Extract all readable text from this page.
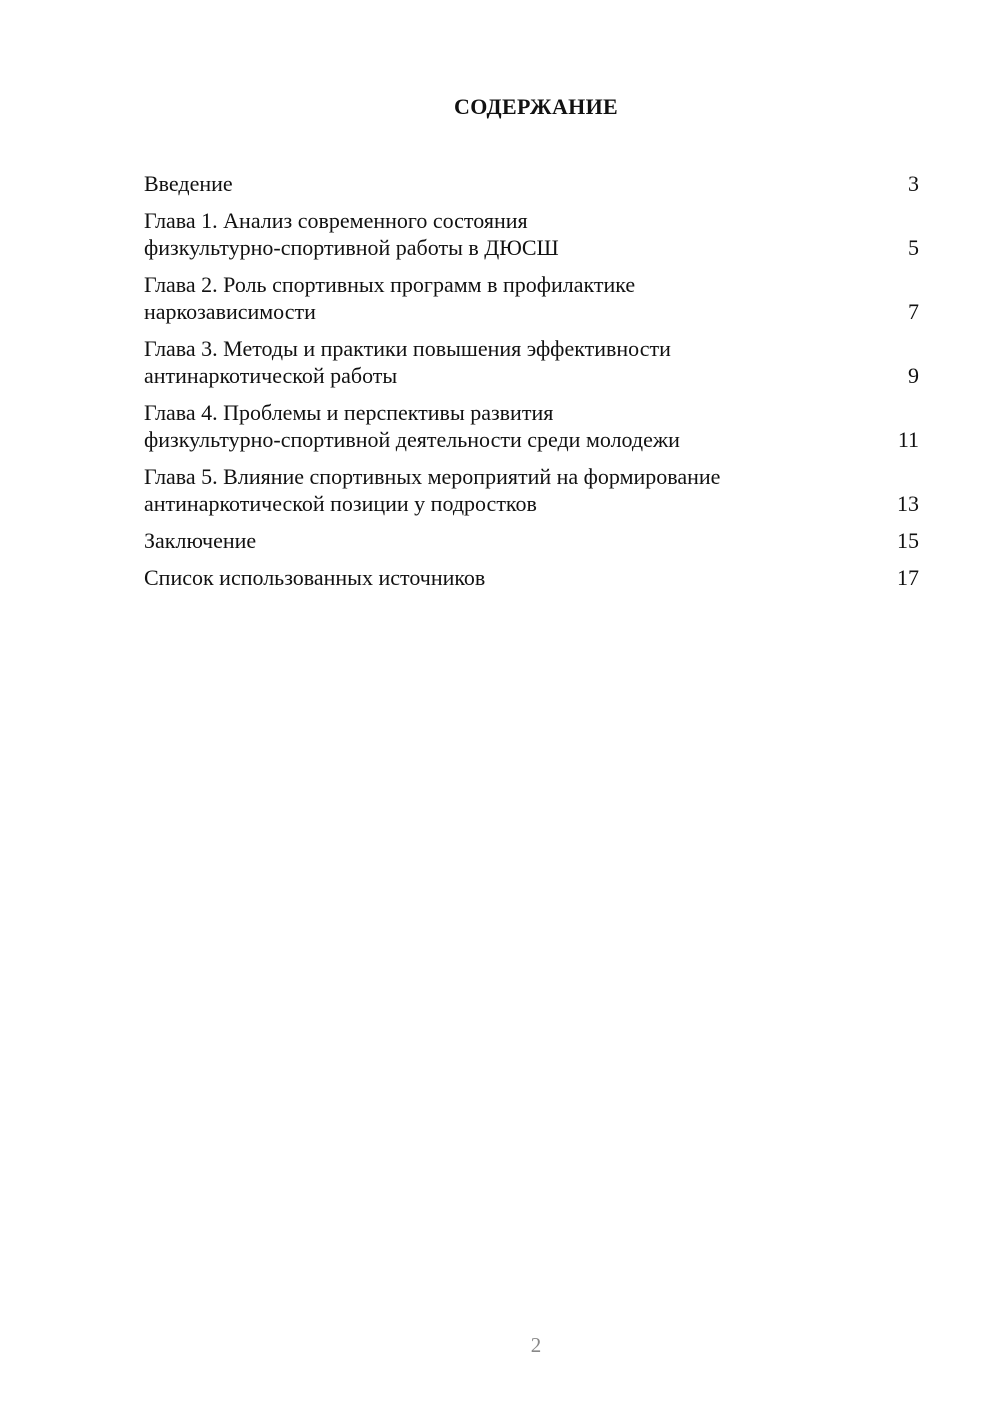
СОДЕРЖАНИЕ
Введение	3
Глава 1. Анализ современного состояния
физкультурно-спортивной работы в ДЮСШ	5
Глава 2. Роль спортивных программ в профилактике
наркозависимости	7
Глава 3. Методы и практики повышения эффективности
антинаркотической работы	9
Глава 4. Проблемы и перспективы развития
физкультурно-спортивной деятельности среди молодежи	11
Глава 5. Влияние спортивных мероприятий на формирование
антинаркотической позиции у подростков	13
Заключение	15
Список использованных источников	17
2
